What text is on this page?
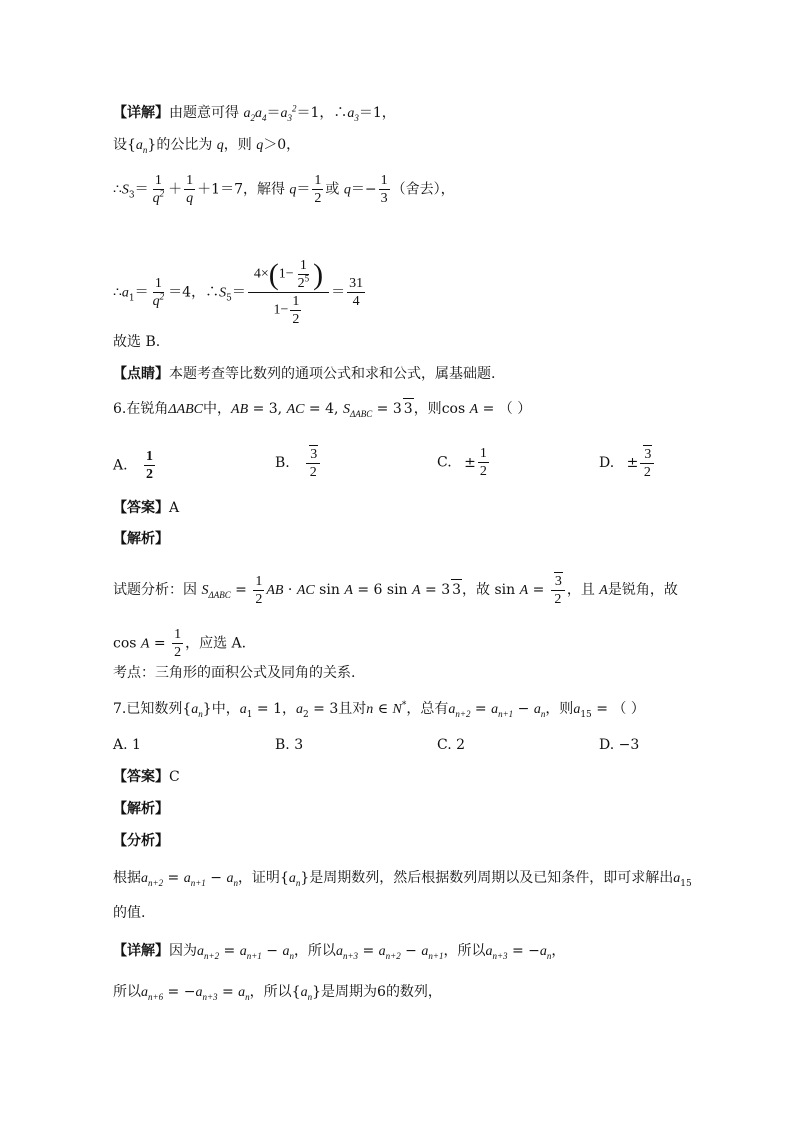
【详解】由题意可得 $a_2a_4=a_3^2=1$，$\therefore a_3=1$，
设$\{a_n\}$的公比为 q，则 q＞0，
$\therefore S_3= \frac{1}{q^2} + \frac{1}{q} +1=7$，解得 $q= \frac{1}{2}$ 或 $q=- \frac{1}{3}$ （舍去），
$\therefore a_1= \frac{1}{q^2} =4$，$\therefore S_5= \frac{4\times(1- \frac{1}{2^5} )}{1- \frac{1}{2}} = \frac{31}{4}$
故选 B.
【点睛】本题考查等比数列的通项公式和求和公式，属基础题.
6.在锐角ΔABC中，AB = 3, AC = 4, $S_{\Delta ABC} = 3$ 3，则cos A = （ ）
A. $\frac{1}{2}$	B. $\frac{3}{2}$	C. ± $\frac{1}{2}$	D. ± $\frac{3}{2}$
【答案】A
【解析】
试题分析：因 $S_{\Delta ABC} = \frac{1}{2}$ AB · AC sin A = 6 sin A = 3 3，故 $\sin A = \frac{3}{2}$ ，且 A是锐角，故
$\cos A = \frac{1}{2}$ ，应选 A.
考点：三角形的面积公式及同角的关系.
7.已知数列$\{a_n\}$中，$a_1 = 1$，$a_2 = 3$且对n ∈ N*，总有$a_{n+2} = a_{n+1} - a_n$，则$a_{15}$ = （ ）
A. 1	B. 3	C. 2	D. −3
【答案】C
【解析】
【分析】
根据$a_{n+2} = a_{n+1} - a_n$，证明$\{a_n\}$是周期数列，然后根据数列周期以及已知条件，即可求解出$a_{15}$
的值.
【详解】因为$a_{n+2} = a_{n+1} - a_n$，所以$a_{n+3} = a_{n+2} - a_{n+1}$，所以$a_{n+3} = -a_n$，
所以$a_{n+6} = -a_{n+3} = a_n$，所以$\{a_n\}$是周期为6的数列，
